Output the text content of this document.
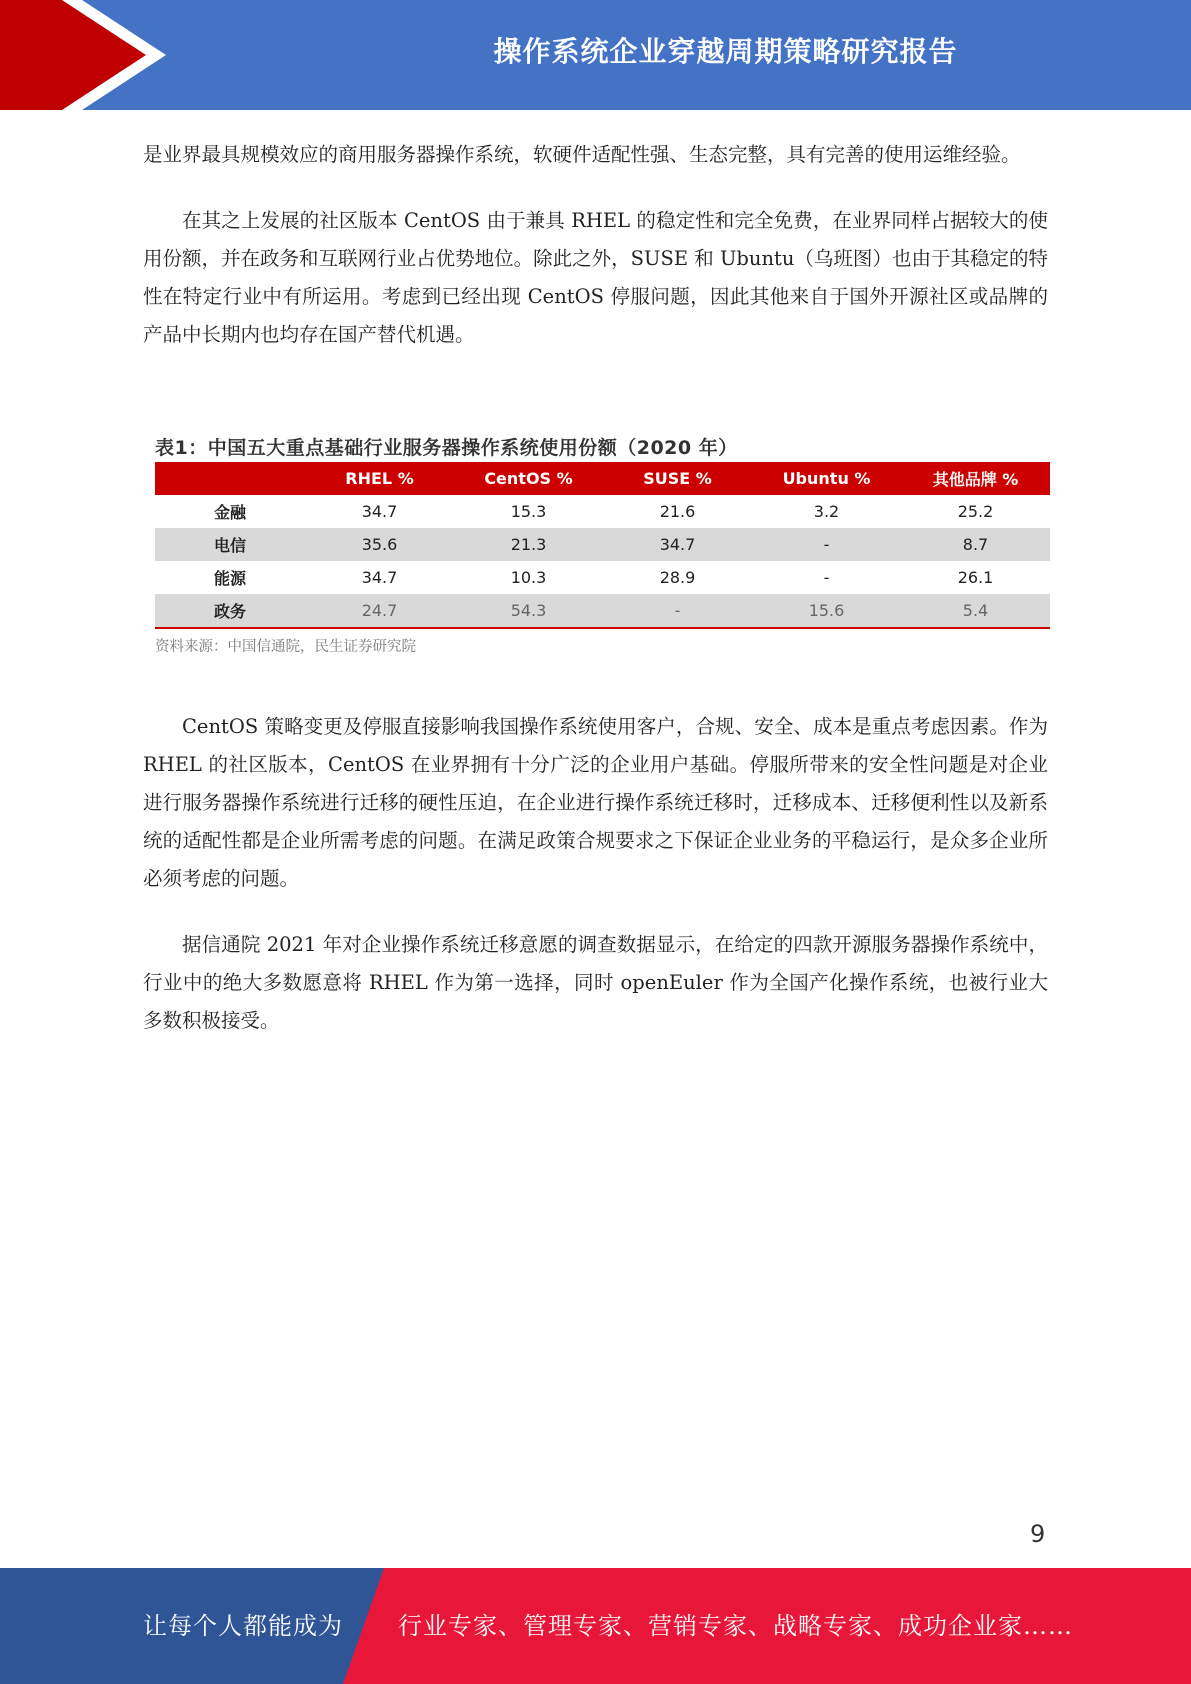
操作系统企业穿越周期策略研究报告

是业界最具规模效应的商用服务器操作系统，软硬件适配性强、生态完整，具有完善的使用运维经验。

在其之上发展的社区版本 CentOS 由于兼具 RHEL 的稳定性和完全免费，在业界同样占据较大的使用份额，并在政务和互联网行业占优势地位。除此之外，SUSE 和 Ubuntu（乌班图）也由于其稳定的特性在特定行业中有所运用。考虑到已经出现 CentOS 停服问题，因此其他来自于国外开源社区或品牌的产品中长期内也均存在国产替代机遇。

表1：中国五大重点基础行业服务器操作系统使用份额（2020 年）
	RHEL %	CentOS %	SUSE %	Ubuntu %	其他品牌 %
金融	34.7	15.3	21.6	3.2	25.2
电信	35.6	21.3	34.7	-	8.7
能源	34.7	10.3	28.9	-	26.1
政务	24.7	54.3	-	15.6	5.4
资料来源：中国信通院，民生证券研究院

CentOS 策略变更及停服直接影响我国操作系统使用客户，合规、安全、成本是重点考虑因素。作为 RHEL 的社区版本，CentOS 在业界拥有十分广泛的企业用户基础。停服所带来的安全性问题是对企业进行服务器操作系统进行迁移的硬性压迫，在企业进行操作系统迁移时，迁移成本、迁移便利性以及新系统的适配性都是企业所需考虑的问题。在满足政策合规要求之下保证企业业务的平稳运行，是众多企业所必须考虑的问题。

据信通院 2021 年对企业操作系统迁移意愿的调查数据显示，在给定的四款开源服务器操作系统中，行业中的绝大多数愿意将 RHEL 作为第一选择，同时 openEuler 作为全国产化操作系统，也被行业大多数积极接受。

9
让每个人都能成为 行业专家、管理专家、营销专家、战略专家、成功企业家……
